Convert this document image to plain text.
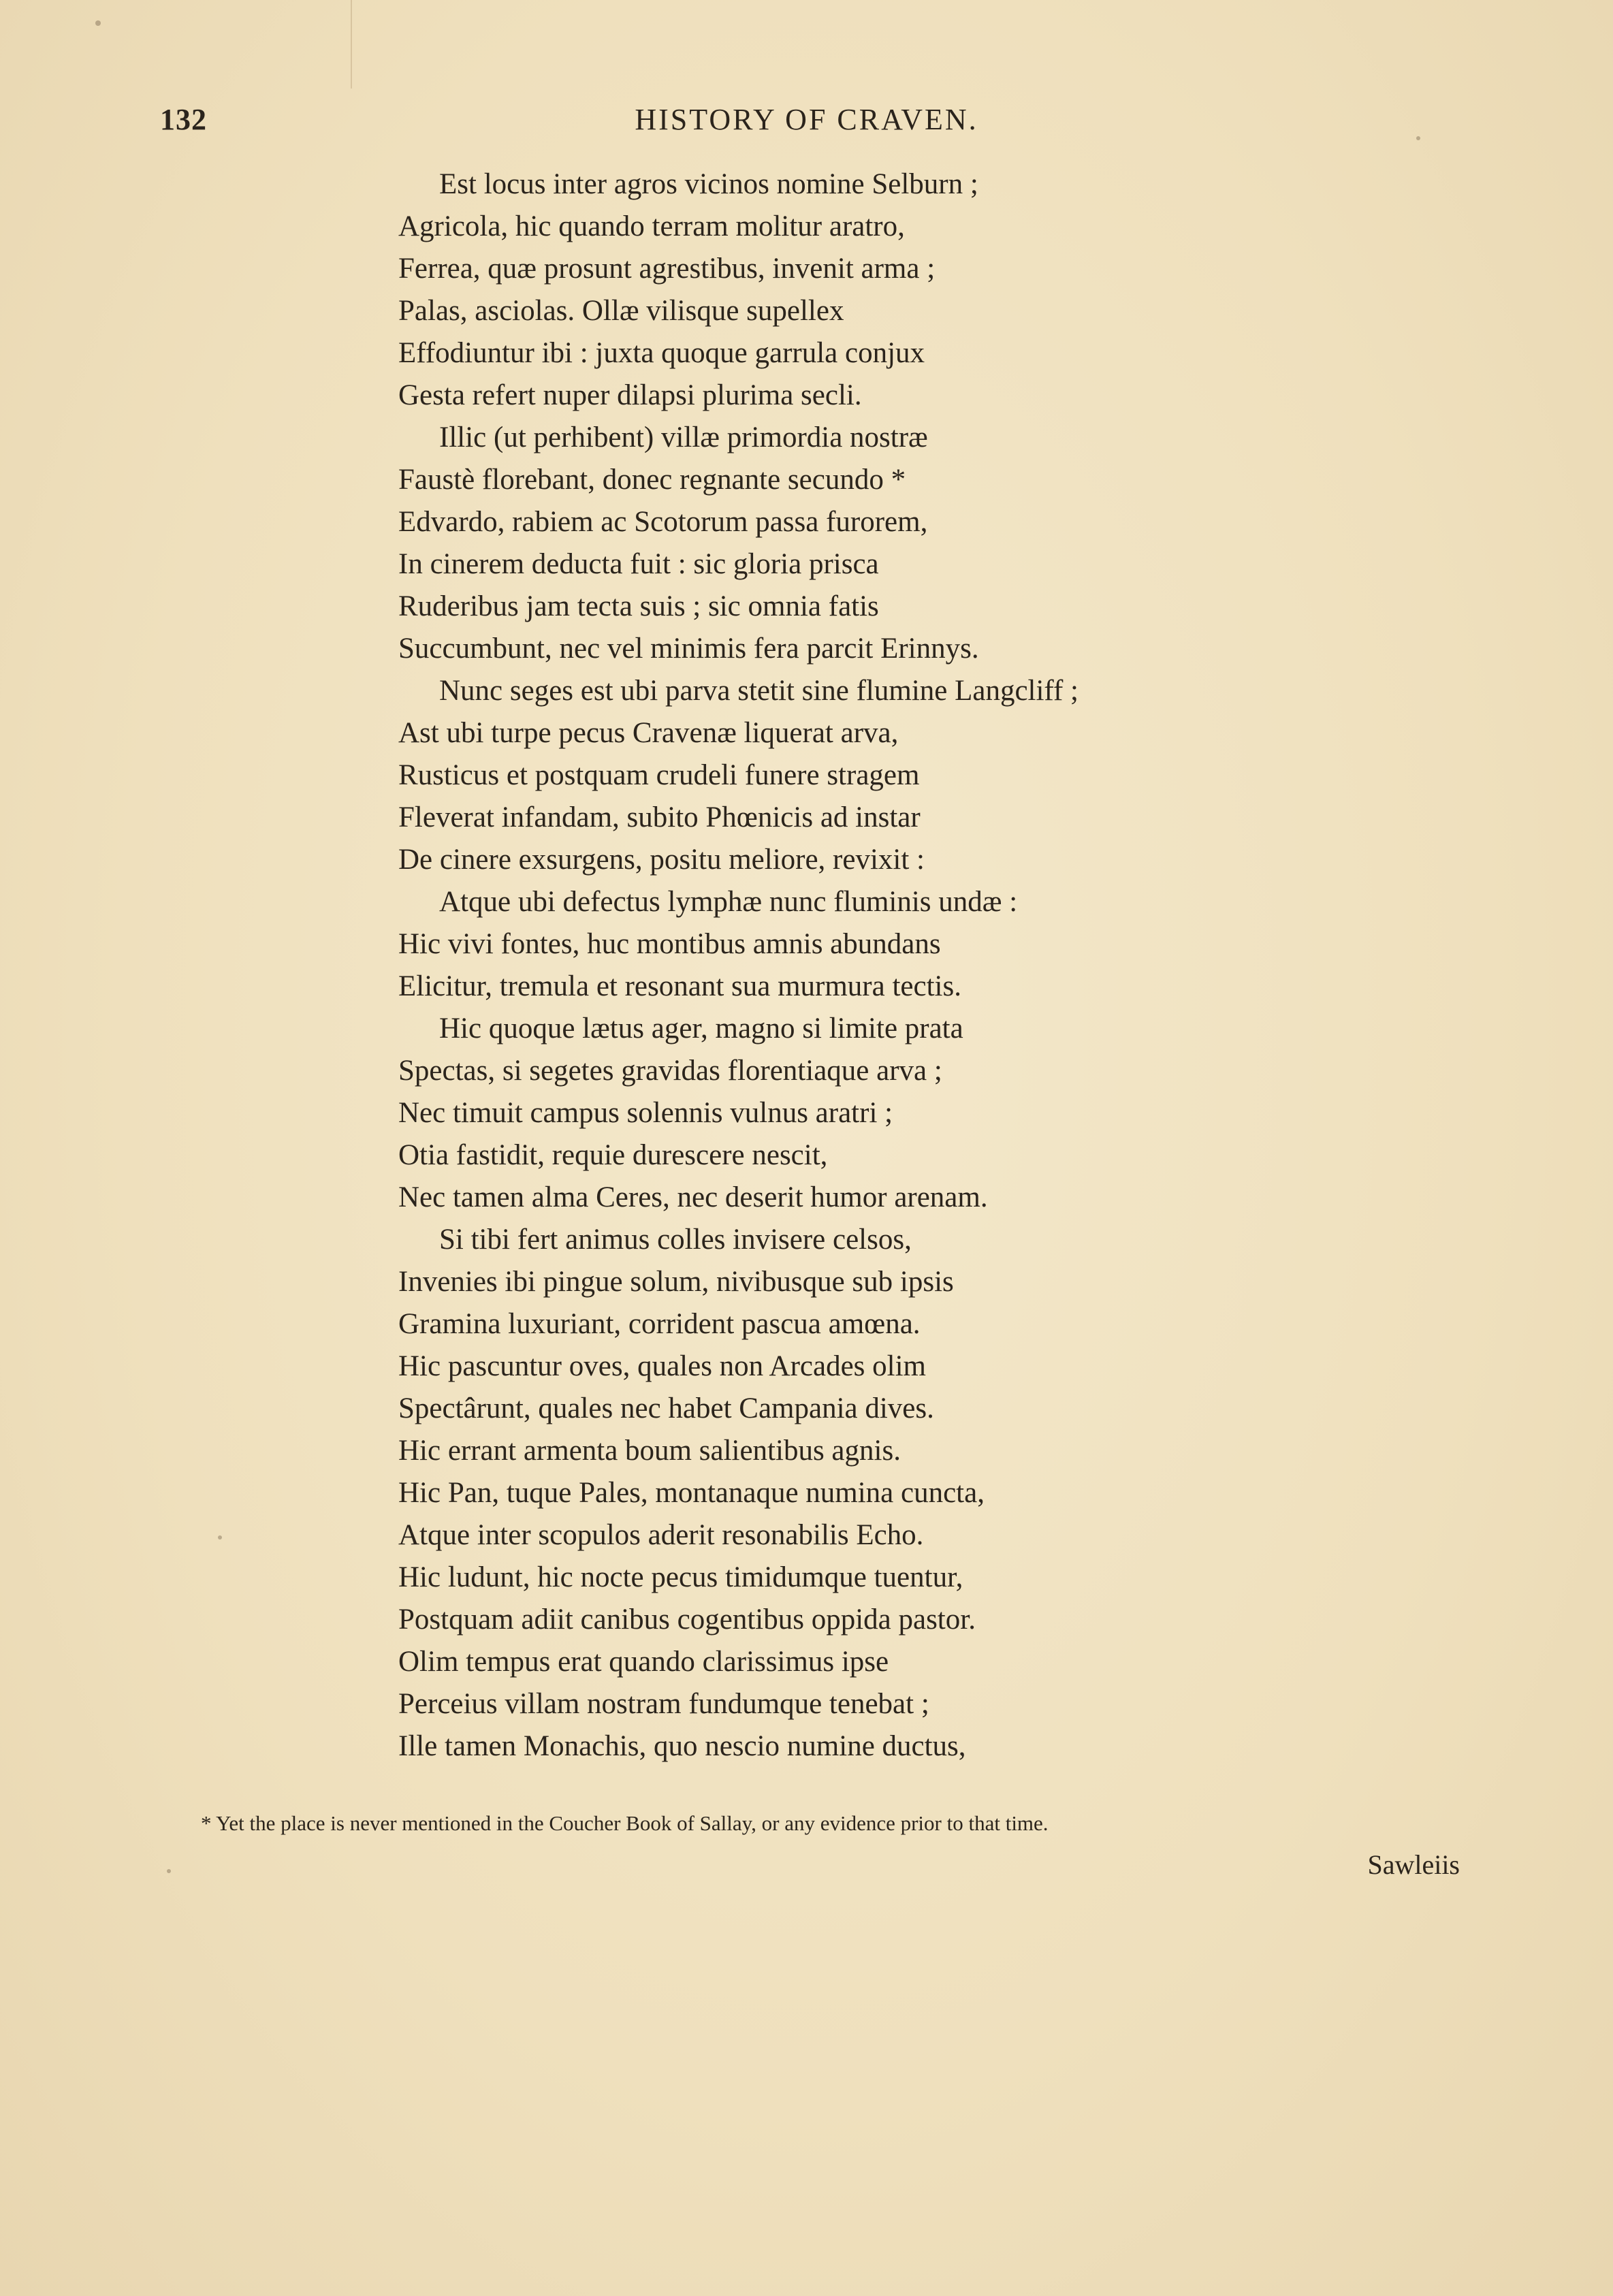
132	HISTORY OF CRAVEN.
Est locus inter agros vicinos nomine Selburn ;
Agricola, hic quando terram molitur aratro,
Ferrea, quæ prosunt agrestibus, invenit arma ;
Palas, asciolas. Ollæ vilisque supellex
Effodiuntur ibi : juxta quoque garrula conjux
Gesta refert nuper dilapsi plurima secli.
Illic (ut perhibent) villæ primordia nostræ
Faustè florebant, donec regnante secundo *
Edvardo, rabiem ac Scotorum passa furorem,
In cinerem deducta fuit : sic gloria prisca
Ruderibus jam tecta suis ; sic omnia fatis
Succumbunt, nec vel minimis fera parcit Erinnys.
Nunc seges est ubi parva stetit sine flumine Langcliff ;
Ast ubi turpe pecus Cravenæ liquerat arva,
Rusticus et postquam crudeli funere stragem
Fleverat infandam, subito Phœnicis ad instar
De cinere exsurgens, positu meliore, revixit :
Atque ubi defectus lymphæ nunc fluminis undæ :
Hic vivi fontes, huc montibus amnis abundans
Elicitur, tremula et resonant sua murmura tectis.
Hic quoque lætus ager, magno si limite prata
Spectas, si segetes gravidas florentiaque arva ;
Nec timuit campus solennis vulnus aratri ;
Otia fastidit, requie durescere nescit,
Nec tamen alma Ceres, nec deserit humor arenam.
Si tibi fert animus colles invisere celsos,
Invenies ibi pingue solum, nivibusque sub ipsis
Gramina luxuriant, corrident pascua amœna.
Hic pascuntur oves, quales non Arcades olim
Spectârunt, quales nec habet Campania dives.
Hic errant armenta boum salientibus agnis.
Hic Pan, tuque Pales, montanaque numina cuncta,
Atque inter scopulos aderit resonabilis Echo.
Hic ludunt, hic nocte pecus timidumque tuentur,
Postquam adiit canibus cogentibus oppida pastor.
Olim tempus erat quando clarissimus ipse
Perceius villam nostram fundumque tenebat ;
Ille tamen Monachis, quo nescio numine ductus,
* Yet the place is never mentioned in the Coucher Book of Sallay, or any evidence prior to that time.
Sawleiis
